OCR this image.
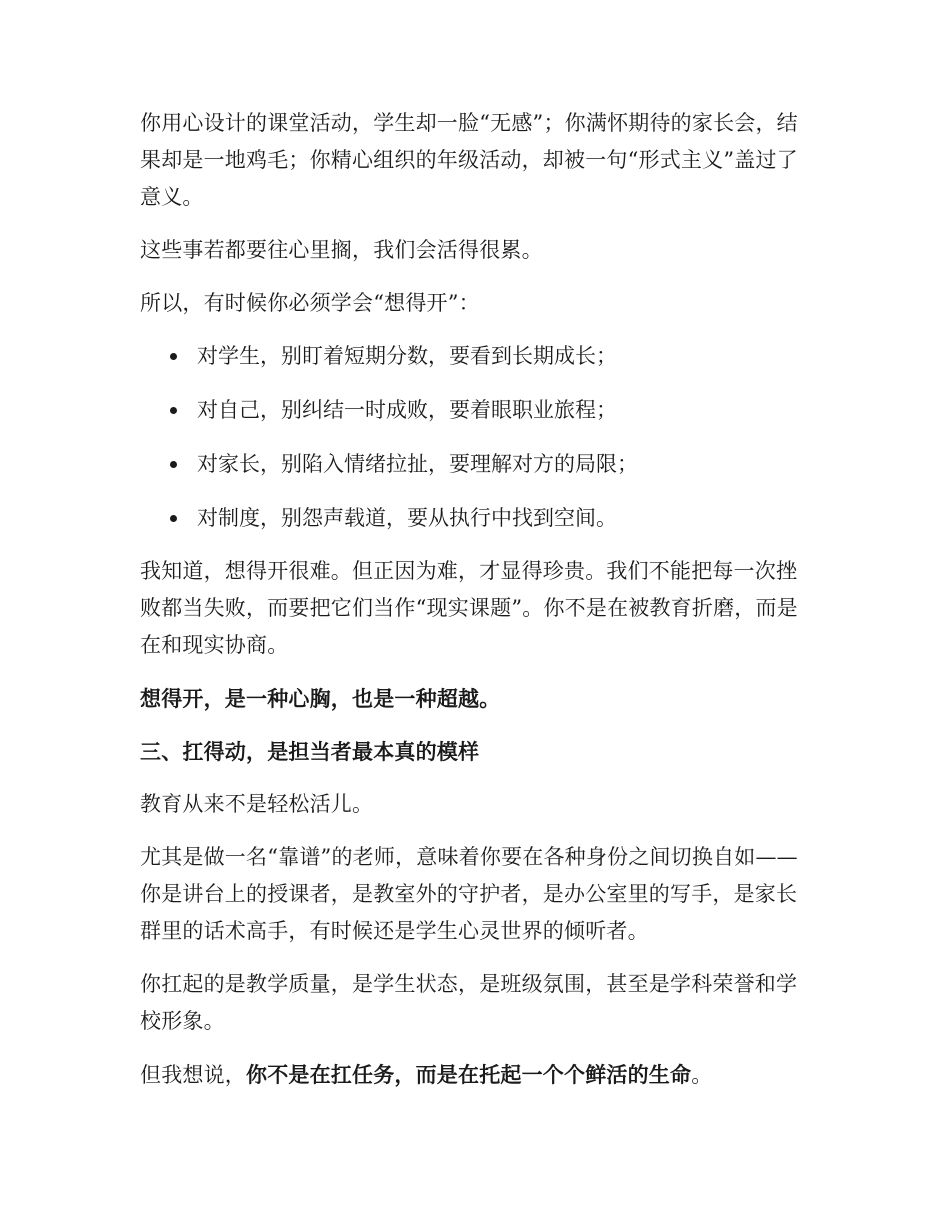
你用心设计的课堂活动，学生却一脸“无感”；你满怀期待的家长会，结果却是一地鸡毛；你精心组织的年级活动，却被一句“形式主义”盖过了意义。

这些事若都要往心里搁，我们会活得很累。

所以，有时候你必须学会“想得开”：

对学生，别盯着短期分数，要看到长期成长；
对自己，别纠结一时成败，要着眼职业旅程；
对家长，别陷入情绪拉扯，要理解对方的局限；
对制度，别怨声载道，要从执行中找到空间。

我知道，想得开很难。但正因为难，才显得珍贵。我们不能把每一次挫败都当失败，而要把它们当作“现实课题”。你不是在被教育折磨，而是在和现实协商。

想得开，是一种心胸，也是一种超越。

三、扛得动，是担当者最本真的模样

教育从来不是轻松活儿。

尤其是做一名“靠谱”的老师，意味着你要在各种身份之间切换自如——你是讲台上的授课者，是教室外的守护者，是办公室里的写手，是家长群里的话术高手，有时候还是学生心灵世界的倾听者。

你扛起的是教学质量，是学生状态，是班级氛围，甚至是学科荣誉和学校形象。

但我想说，你不是在扛任务，而是在托起一个个鲜活的生命。
